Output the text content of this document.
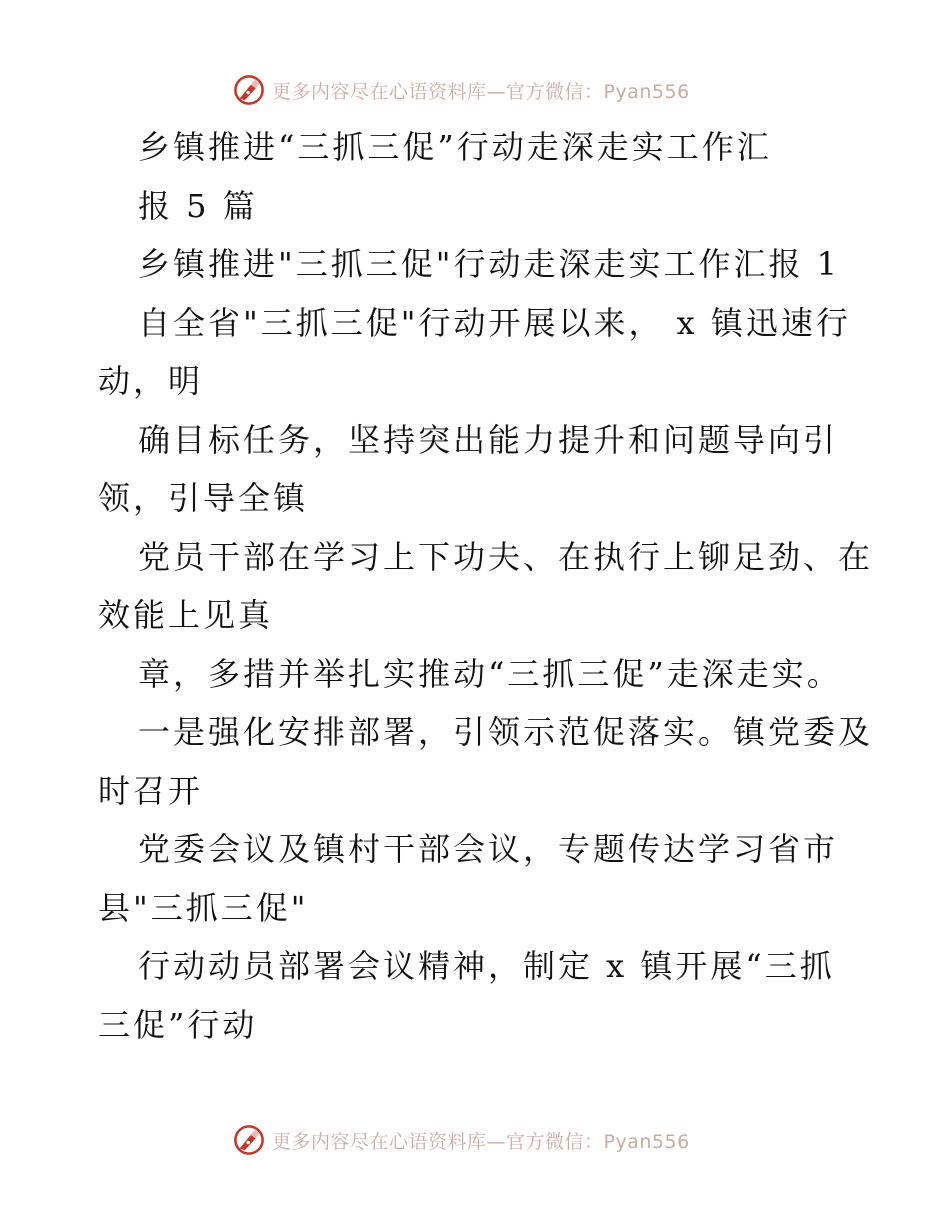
更多内容尽在心语资料库—官方微信：Pyan556
乡镇推进“三抓三促”行动走深走实工作汇
报 5 篇
乡镇推进"三抓三促"行动走深走实工作汇报 1
自全省"三抓三促"行动开展以来， x 镇迅速行
动，明
确目标任务，坚持突出能力提升和问题导向引
领，引导全镇
党员干部在学习上下功夫、在执行上铆足劲、在
效能上见真
章，多措并举扎实推动“三抓三促”走深走实。
一是强化安排部署，引领示范促落实。镇党委及
时召开
党委会议及镇村干部会议，专题传达学习省市
县"三抓三促"
行动动员部署会议精神，制定 x 镇开展“三抓
三促”行动
更多内容尽在心语资料库—官方微信：Pyan556
